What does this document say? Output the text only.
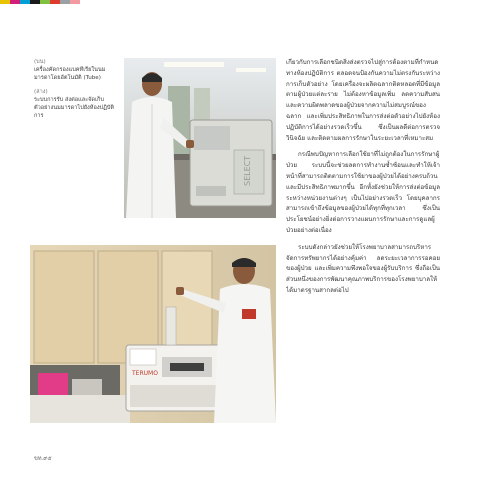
(บน)
เครื่องคัดกรองแบคทีเรียในนมมารดาโดยอัตโนมัติ (Tube)
(ล่าง)
ระบบการรับ ส่งต่อและจัดเก็บตัวอย่างนมมารดาไปยังห้องปฏิบัติการ
SELECT
TERUMO

เกี่ยวกับการเลือกชนิดสิ่งส่งตรวจไปสู่การต้องตามที่กำหนดทางห้องปฏิบัติการ ตลอดจนป้องกันความไม่ตรงกันระหว่างการเก็บตัวอย่าง โดยเครื่องจะผลิตฉลากติดหลอดที่มีข้อมูลตามผู้ป่วยแต่ละราย ไม่ต้องหาข้อมูลเพิ่ม ลดความสับสนและความผิดพลาดของผู้ป่วยจากความไม่สมบูรณ์ของฉลาก และเพิ่มประสิทธิภาพในการส่งต่อตัวอย่างไปยังห้องปฏิบัติการได้อย่างรวดเร็วขึ้น ซึ่งเป็นผลดีต่อการตรวจวินิจฉัย และติดตามผลการรักษาในระยะเวลาที่เหมาะสม

กรณีพบปัญหาการเลือกใช้ยาที่ไม่ถูกต้องในการรักษาผู้ป่วย ระบบนี้จะช่วยลดการทำงานซ้ำซ้อนและทำให้เจ้าหน้าที่สามารถติดตามการใช้ยาของผู้ป่วยได้อย่างครบถ้วนและมีประสิทธิภาพมากขึ้น อีกทั้งยังช่วยให้การส่งต่อข้อมูลระหว่างหน่วยงานต่างๆ เป็นไปอย่างรวดเร็ว โดยบุคลากรสามารถเข้าถึงข้อมูลของผู้ป่วยได้ทุกที่ทุกเวลา ซึ่งเป็นประโยชน์อย่างยิ่งต่อการวางแผนการรักษาและการดูแลผู้ป่วยอย่างต่อเนื่อง

ระบบดังกล่าวยังช่วยให้โรงพยาบาลสามารถบริหารจัดการทรัพยากรได้อย่างคุ้มค่า ลดระยะเวลาการรอคอยของผู้ป่วย และเพิ่มความพึงพอใจของผู้รับบริการ ซึ่งถือเป็นส่วนหนึ่งของการพัฒนาคุณภาพบริการของโรงพยาบาลให้ได้มาตรฐานสากลต่อไป

ขท.๙๕
